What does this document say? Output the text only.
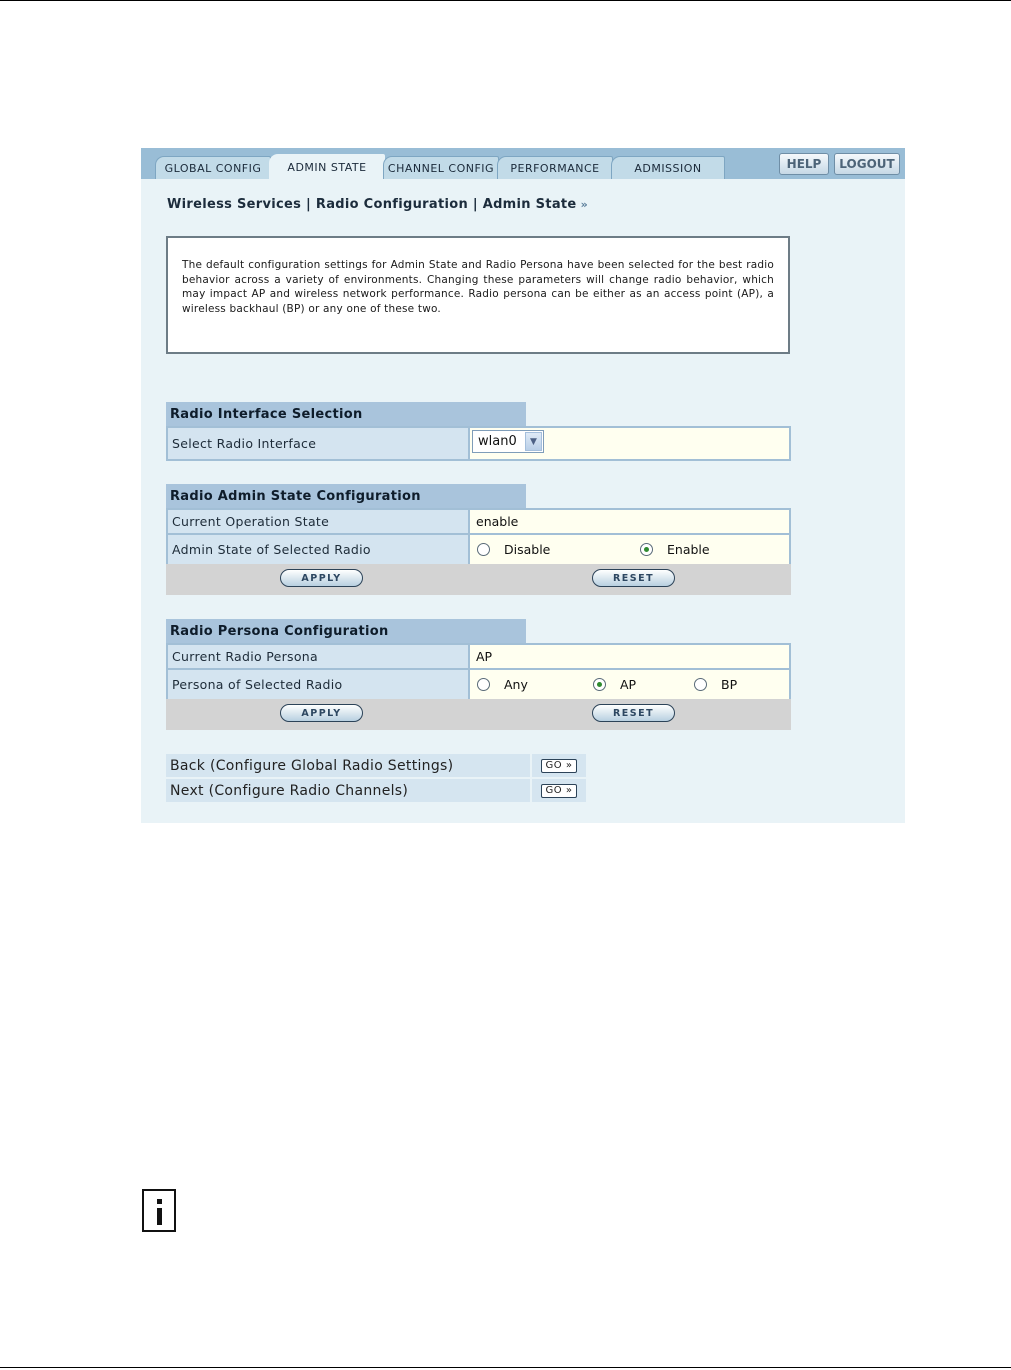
GLOBAL CONFIG	ADMIN STATE	CHANNEL CONFIG	PERFORMANCE	ADMISSION	HELP	LOGOUT
Wireless Services | Radio Configuration | Admin State »
The default configuration settings for Admin State and Radio Persona have been selected for the best radio behavior across a variety of environments. Changing these parameters will change radio behavior, which may impact AP and wireless network performance. Radio persona can be either as an access point (AP), a wireless backhaul (BP) or any one of these two.
Radio Interface Selection
Select Radio Interface	wlan0	▼
Radio Admin State Configuration
Current Operation State	enable
Admin State of Selected Radio	Disable	Enable
APPLY	RESET
Radio Persona Configuration
Current Radio Persona	AP
Persona of Selected Radio	Any	AP	BP
APPLY	RESET
Back (Configure Global Radio Settings)	GO »
Next (Configure Radio Channels)	GO »
